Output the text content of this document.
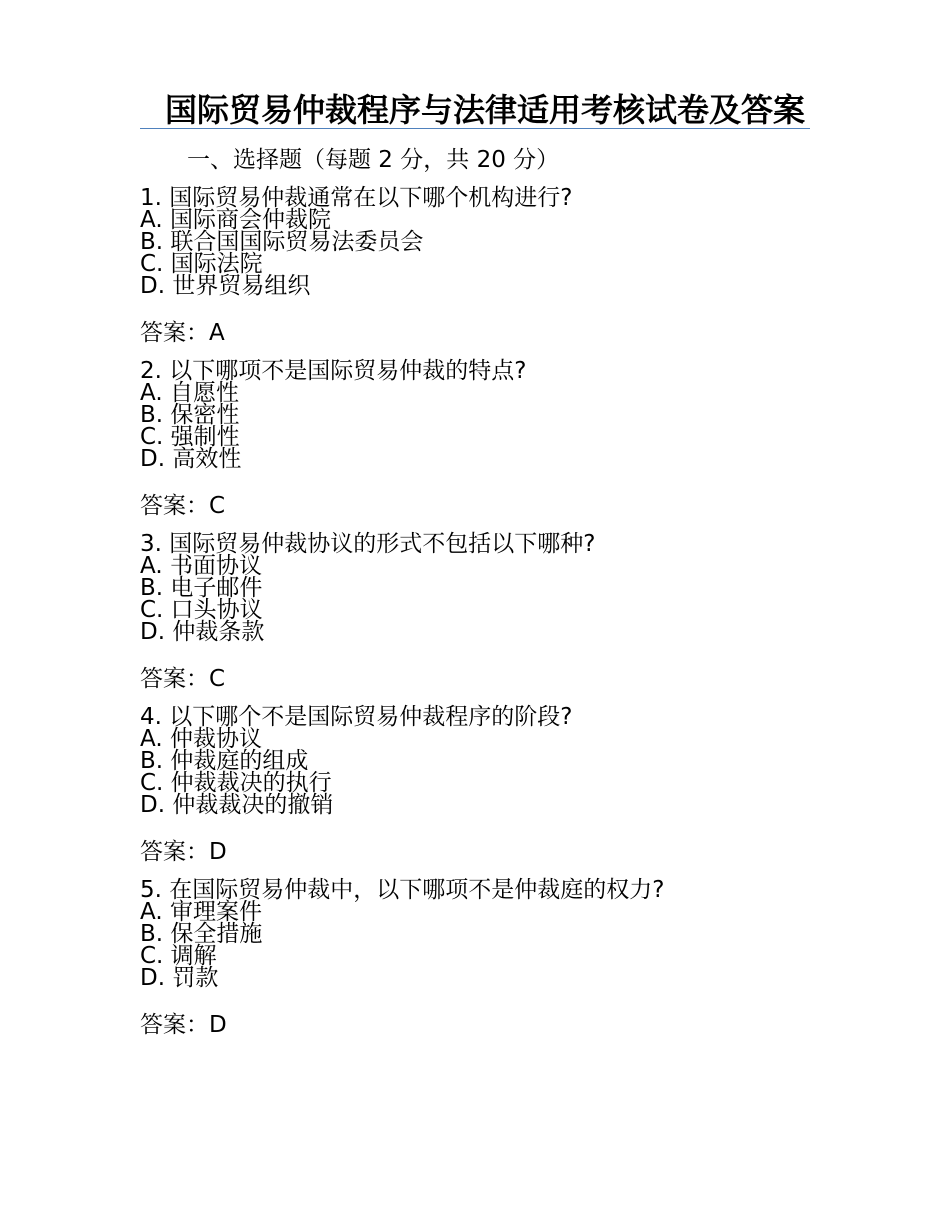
国际贸易仲裁程序与法律适用考核试卷及答案
一、选择题（每题 2 分，共 20 分）
1. 国际贸易仲裁通常在以下哪个机构进行?
A. 国际商会仲裁院
B. 联合国国际贸易法委员会
C. 国际法院
D. 世界贸易组织
答案：A
2. 以下哪项不是国际贸易仲裁的特点?
A. 自愿性
B. 保密性
C. 强制性
D. 高效性
答案：C
3. 国际贸易仲裁协议的形式不包括以下哪种?
A. 书面协议
B. 电子邮件
C. 口头协议
D. 仲裁条款
答案：C
4. 以下哪个不是国际贸易仲裁程序的阶段?
A. 仲裁协议
B. 仲裁庭的组成
C. 仲裁裁决的执行
D. 仲裁裁决的撤销
答案：D
5. 在国际贸易仲裁中，以下哪项不是仲裁庭的权力?
A. 审理案件
B. 保全措施
C. 调解
D. 罚款
答案：D
